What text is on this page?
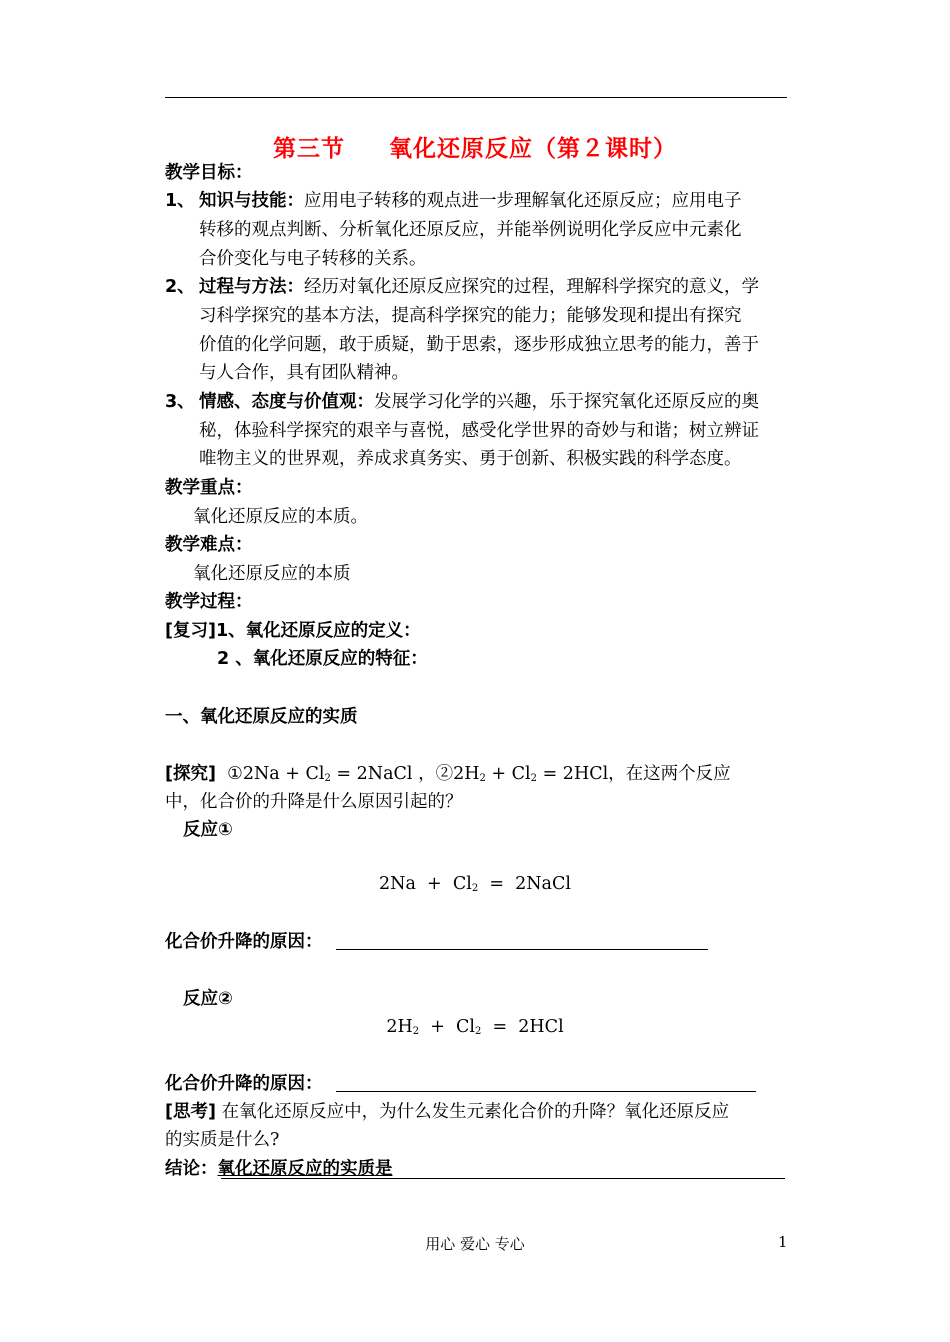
第三节 氧化还原反应（第２课时）
教学目标：
1、 知识与技能：应用电子转移的观点进一步理解氧化还原反应；应用电子
转移的观点判断、分析氧化还原反应，并能举例说明化学反应中元素化
合价变化与电子转移的关系。
2、 过程与方法：经历对氧化还原反应探究的过程，理解科学探究的意义，学
习科学探究的基本方法，提高科学探究的能力；能够发现和提出有探究
价值的化学问题，敢于质疑，勤于思索，逐步形成独立思考的能力，善于
与人合作，具有团队精神。
3、 情感、态度与价值观：发展学习化学的兴趣，乐于探究氧化还原反应的奥
秘，体验科学探究的艰辛与喜悦，感受化学世界的奇妙与和谐；树立辨证
唯物主义的世界观，养成求真务实、勇于创新、积极实践的科学态度。
教学重点：
氧化还原反应的本质。
教学难点：
氧化还原反应的本质
教学过程：
[复习]1、氧化还原反应的定义：
2 、氧化还原反应的特征：
一、氧化还原反应的实质
[探究] ①2Na + $Cl_2$ = 2NaCl ，$②2H_2 + Cl_2 = 2HCl$，在这两个反应
中，化合价的升降是什么原因引起的？
反应①
$2Na + Cl_2$  =  2NaCl
化合价升降的原因：
反应②
$2H_2 + Cl_2 = 2HCl$
化合价升降的原因：
[思考] 在氧化还原反应中，为什么发生元素化合价的升降？氧化还原反应
的实质是什么?
结论：氧化还原反应的实质是
用心 爱心 专心	1
